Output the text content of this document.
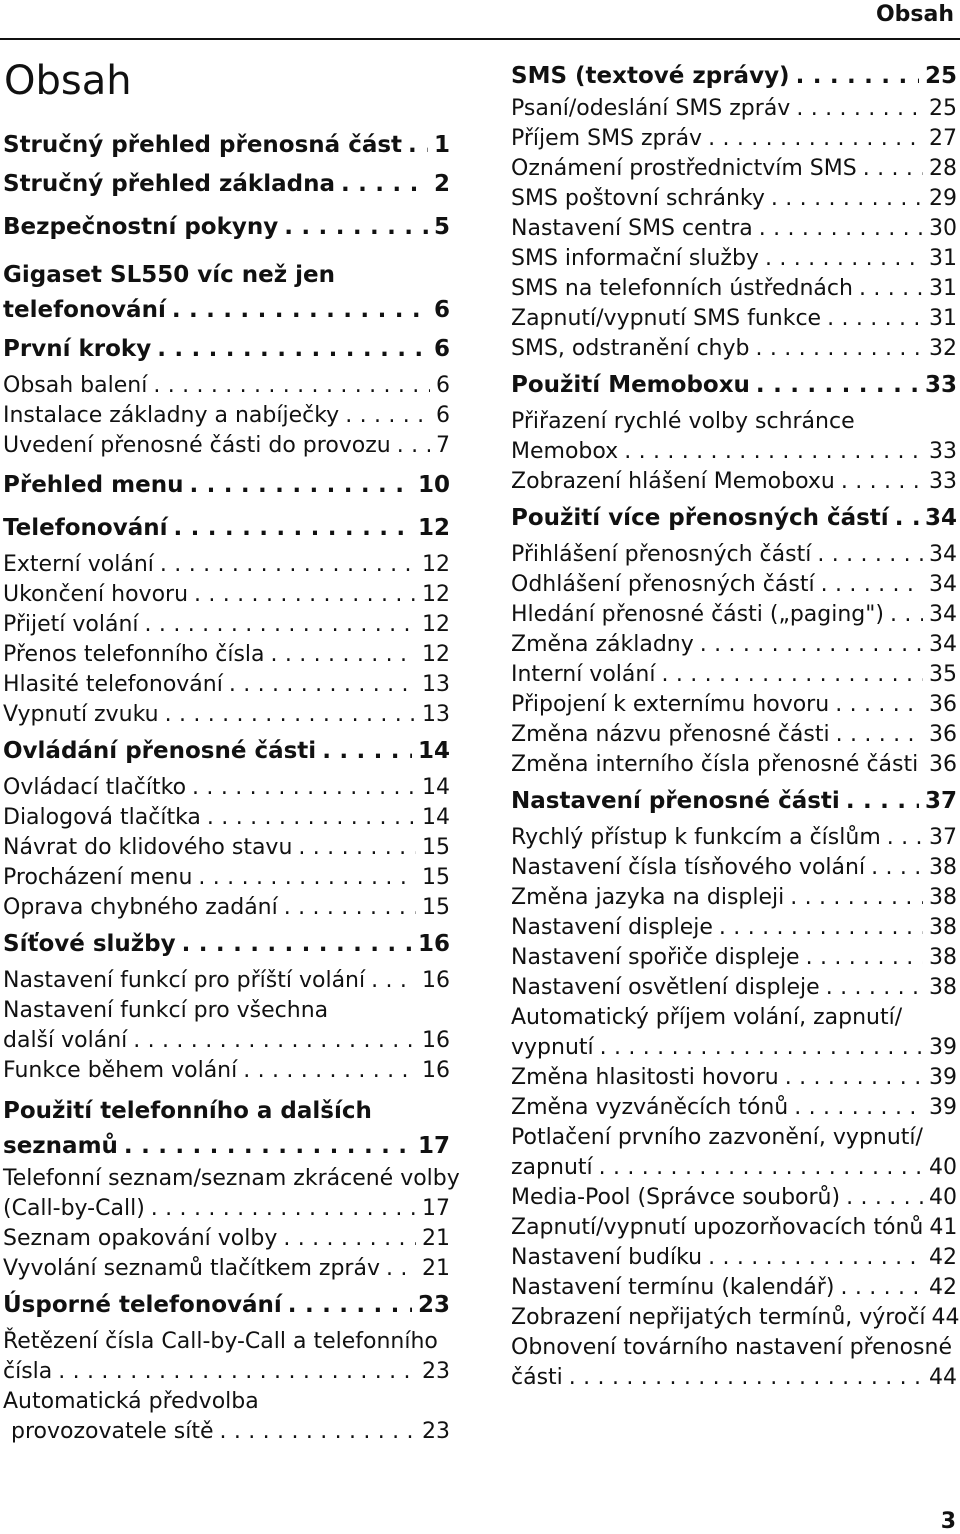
Obsah
Obsah
Stručný přehled přenosná část . . . 1
Stručný přehled základna . . .	2
Bezpečnostní pokyny . . .	5
Gigaset SL550 víc než jen
telefonování . . .	6
První kroky . . .	6
Obsah balení . . .	6
Instalace základny a nabíječky . . .	6
Uvedení přenosné části do provozu . . . 7
Přehled menu . . .	10
Telefonování . . .	12
Externí volání . . .	12
Ukončení hovoru . . .	12
Přijetí volání . . .	12
Přenos telefonního čísla . . .	12
Hlasité telefonování . . .	13
Vypnutí zvuku . . .	13
Ovládání přenosné části . . .	14
Ovládací tlačítko . . .	14
Dialogová tlačítka . . .	14
Návrat do klidového stavu . . .	15
Procházení menu . . .	15
Oprava chybného zadání . . .	15
Síťové služby . . .	16
Nastavení funkcí pro příští volání . . .	16
Nastavení funkcí pro všechna
další volání . . .	16
Funkce během volání . . .	16
Použití telefonního a dalších
seznamů . . .	17
Telefonní seznam/seznam zkrácené volby
(Call-by-Call) . . .	17
Seznam opakování volby . . .	21
Vyvolání seznamů tlačítkem zpráv . . . 21
Úsporné telefonování . . .	23
Řetězení čísla Call-by-Call a telefonního
čísla . . .	23
Automatická předvolba
provozovatele sítě . . .	23
SMS (textové zprávy) . . .	25
Psaní/odeslání SMS zpráv . . .	25
Příjem SMS zpráv . . .	27
Oznámení prostřednictvím SMS . . .	28
SMS poštovní schránky . . .	29
Nastavení SMS centra . . .	30
SMS informační služby . . .	31
SMS na telefonních ústřednách . . .	31
Zapnutí/vypnutí SMS funkce . . .	31
SMS, odstranění chyb . . .	32
Použití Memoboxu . . .	33
Přiřazení rychlé volby schránce
Memobox . . .	33
Zobrazení hlášení Memoboxu . . .	33
Použití více přenosných částí . . . 34
Přihlášení přenosných částí . . .	34
Odhlášení přenosných částí . . .	34
Hledání přenosné části („paging") . . . 34
Změna základny . . .	34
Interní volání . . .	35
Připojení k externímu hovoru . . .	36
Změna názvu přenosné části . . .	36
Změna interního čísla přenosné části . . . 36
Nastavení přenosné části . . .	37
Rychlý přístup k funkcím a číslům . . . 37
Nastavení čísla tísňového volání . . .	38
Změna jazyka na displeji . . .	38
Nastavení displeje . . .	38
Nastavení spořiče displeje . . .	38
Nastavení osvětlení displeje . . .	38
Automatický příjem volání, zapnutí/
vypnutí . . .	39
Změna hlasitosti hovoru . . .	39
Změna vyzváněcích tónů . . .	39
Potlačení prvního zazvonění, vypnutí/
zapnutí . . .	40
Media-Pool (Správce souborů) . . .	40
Zapnutí/vypnutí upozorňovacích tónů 41
Nastavení budíku . . .	42
Nastavení termínu (kalendář) . . .	42
Zobrazení nepřijatých termínů, výročí 44
Obnovení továrního nastavení přenosné
části . . .	44
3
